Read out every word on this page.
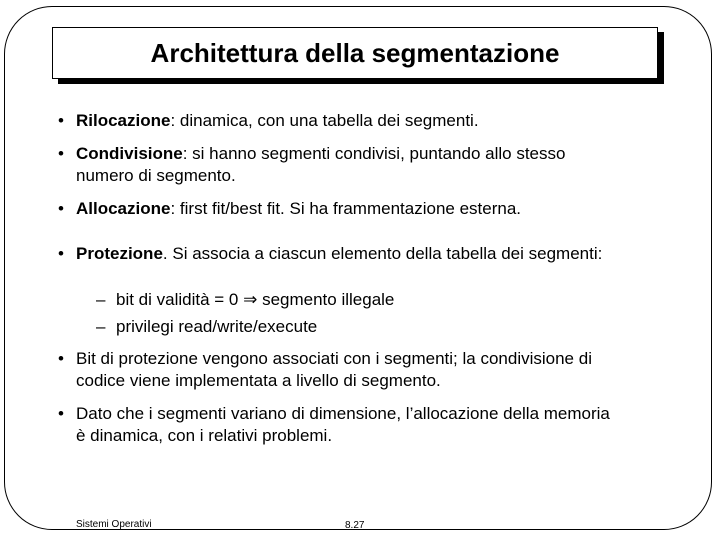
Architettura della segmentazione
• Rilocazione: dinamica, con una tabella dei segmenti.
• Condivisione: si hanno segmenti condivisi, puntando allo stesso numero di segmento.
• Allocazione: first fit/best fit. Si ha frammentazione esterna.
• Protezione. Si associa a ciascun elemento della tabella dei segmenti:
– bit di validità = 0 ⇒ segmento illegale
– privilegi read/write/execute
• Bit di protezione vengono associati con i segmenti; la condivisione di codice viene implementata a livello di segmento.
• Dato che i segmenti variano di dimensione, l’allocazione della memoria è dinamica, con i relativi problemi.
Sistemi Operativi	8.27
